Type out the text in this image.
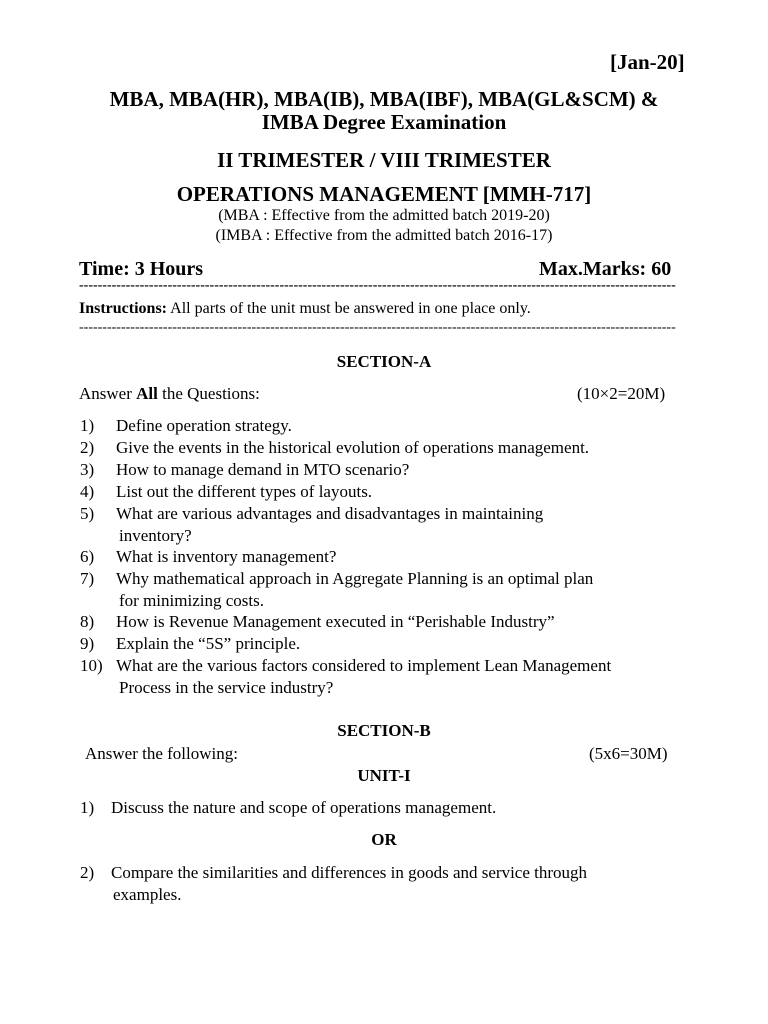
[Jan-20]
MBA, MBA(HR), MBA(IB), MBA(IBF), MBA(GL&SCM) &
IMBA Degree Examination
II TRIMESTER / VIII TRIMESTER
OPERATIONS MANAGEMENT [MMH-717]
(MBA : Effective from the admitted batch 2019-20)
(IMBA : Effective from the admitted batch 2016-17)
Time: 3 Hours	Max.Marks: 60
--------------------------------------------------------------------------------------------------------------------------------
Instructions: All parts of the unit must be answered in one place only.
--------------------------------------------------------------------------------------------------------------------------------
SECTION-A
Answer All the Questions:	(10×2=20M)
1) Define operation strategy.
2) Give the events in the historical evolution of operations management.
3) How to manage demand in MTO scenario?
4) List out the different types of layouts.
5) What are various advantages and disadvantages in maintaining
inventory?
6) What is inventory management?
7) Why mathematical approach in Aggregate Planning is an optimal plan
for minimizing costs.
8) How is Revenue Management executed in “Perishable Industry”
9) Explain the “5S” principle.
10) What are the various factors considered to implement Lean Management
Process in the service industry?
SECTION-B
Answer the following:	(5x6=30M)
UNIT-I
1) Discuss the nature and scope of operations management.
OR
2) Compare the similarities and differences in goods and service through
examples.
